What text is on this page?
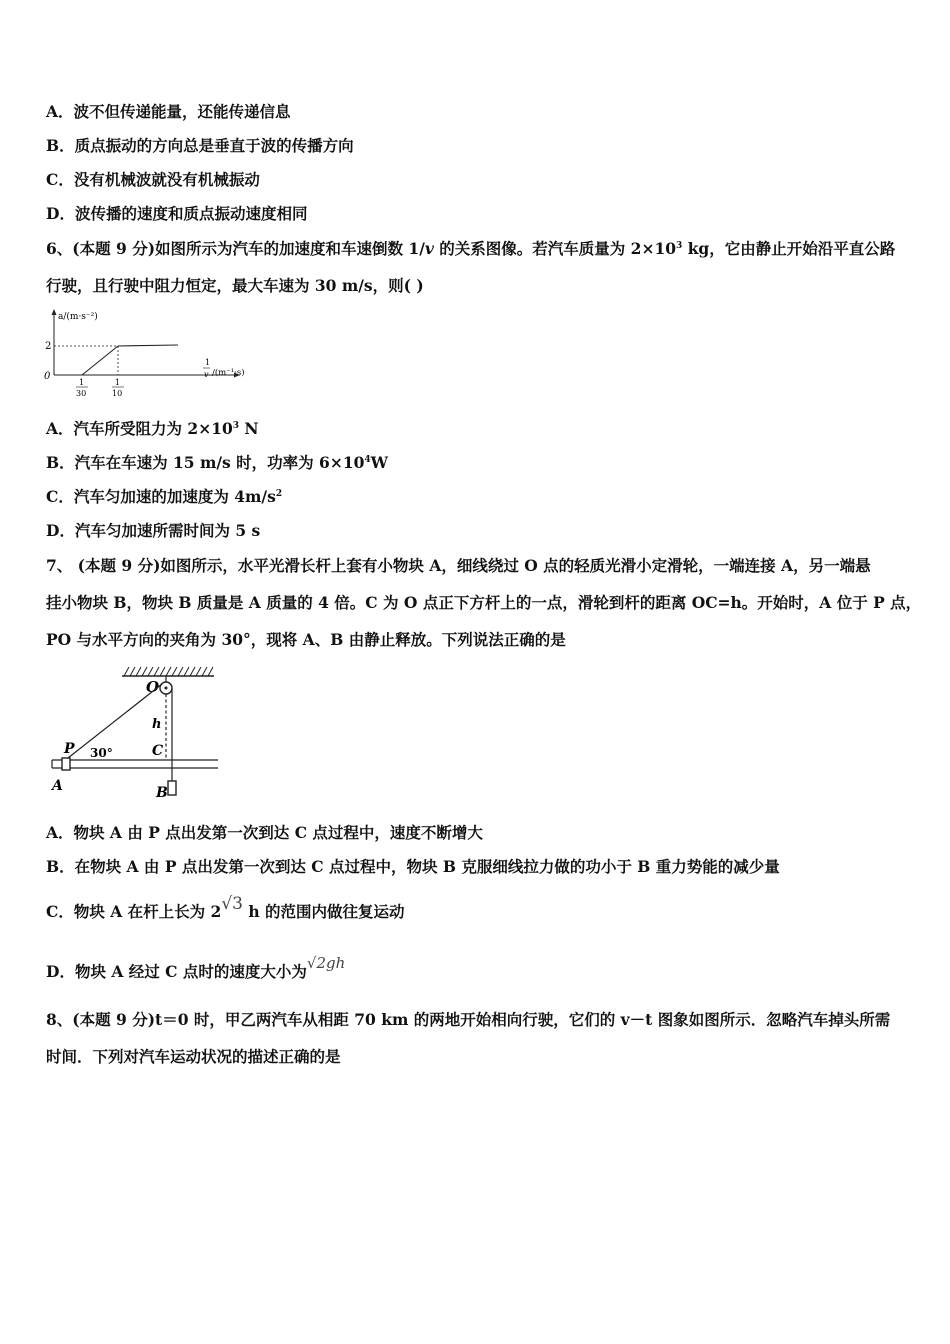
A．波不但传递能量，还能传递信息
B．质点振动的方向总是垂直于波的传播方向
C．没有机械波就没有机械振动
D．波传播的速度和质点振动速度相同
6、(本题 9 分)如图所示为汽车的加速度和车速倒数 1/v 的关系图像。若汽车质量为 $2\times 10^3$ kg，它由静止开始沿平直公路
行驶，且行驶中阻力恒定，最大车速为 30 m/s，则( )
a/(m·s⁻²)
2
0
1
30
1
10
1
v /(m⁻¹·s)
A．汽车所受阻力为 $2\times 10^3$ N
B．汽车在车速为 15 m/s 时，功率为 $6\times 10^4W$
C．汽车匀加速的加速度为 $4m/s^2$
D．汽车匀加速所需时间为 5 s
7、 (本题 9 分)如图所示，水平光滑长杆上套有小物块 A，细线绕过 O 点的轻质光滑小定滑轮，一端连接 A，另一端悬
挂小物块 B，物块 B 质量是 A 质量的 4 倍。C 为 O 点正下方杆上的一点，滑轮到杆的距离 OC=h。开始时，A 位于 P 点，
PO 与水平方向的夹角为 30°，现将 A、B 由静止释放。下列说法正确的是
O
h
P 30°	C
A	B
A．物块 A 由 P 点出发第一次到达 C 点过程中，速度不断增大
B．在物块 A 由 P 点出发第一次到达 C 点过程中，物块 B 克服细线拉力做的功小于 B 重力势能的减少量
C．物块 A 在杆上长为 2√3 h 的范围内做往复运动
D．物块 A 经过 C 点时的速度大小为√2gh
8、(本题 9 分)t＝0 时，甲乙两汽车从相距 70 km 的两地开始相向行驶，它们的 v－t 图象如图所示．忽略汽车掉头所需
时间．下列对汽车运动状况的描述正确的是
